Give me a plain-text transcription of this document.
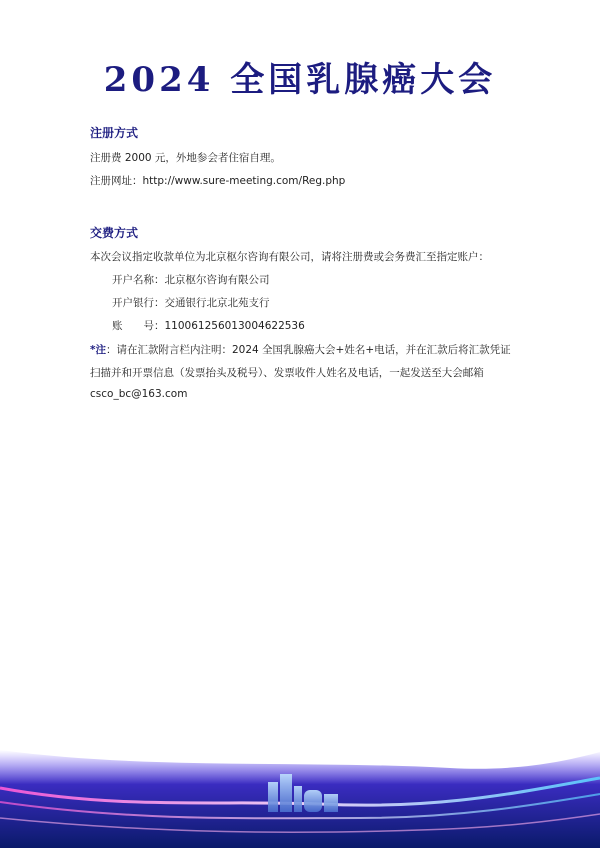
2024 全国乳腺癌大会
注册方式
注册费 2000 元，外地参会者住宿自理。
注册网址：http://www.sure-meeting.com/Reg.php
交费方式
本次会议指定收款单位为北京枢尔咨询有限公司，请将注册费或会务费汇至指定账户：
开户名称：北京枢尔咨询有限公司
开户银行：交通银行北京北苑支行
账　　号：110061256013004622536
*注：请在汇款附言栏内注明：2024 全国乳腺癌大会+姓名+电话，并在汇款后将汇款凭证
扫描并和开票信息（发票抬头及税号）、发票收件人姓名及电话，一起发送至大会邮箱
csco_bc@163.com
